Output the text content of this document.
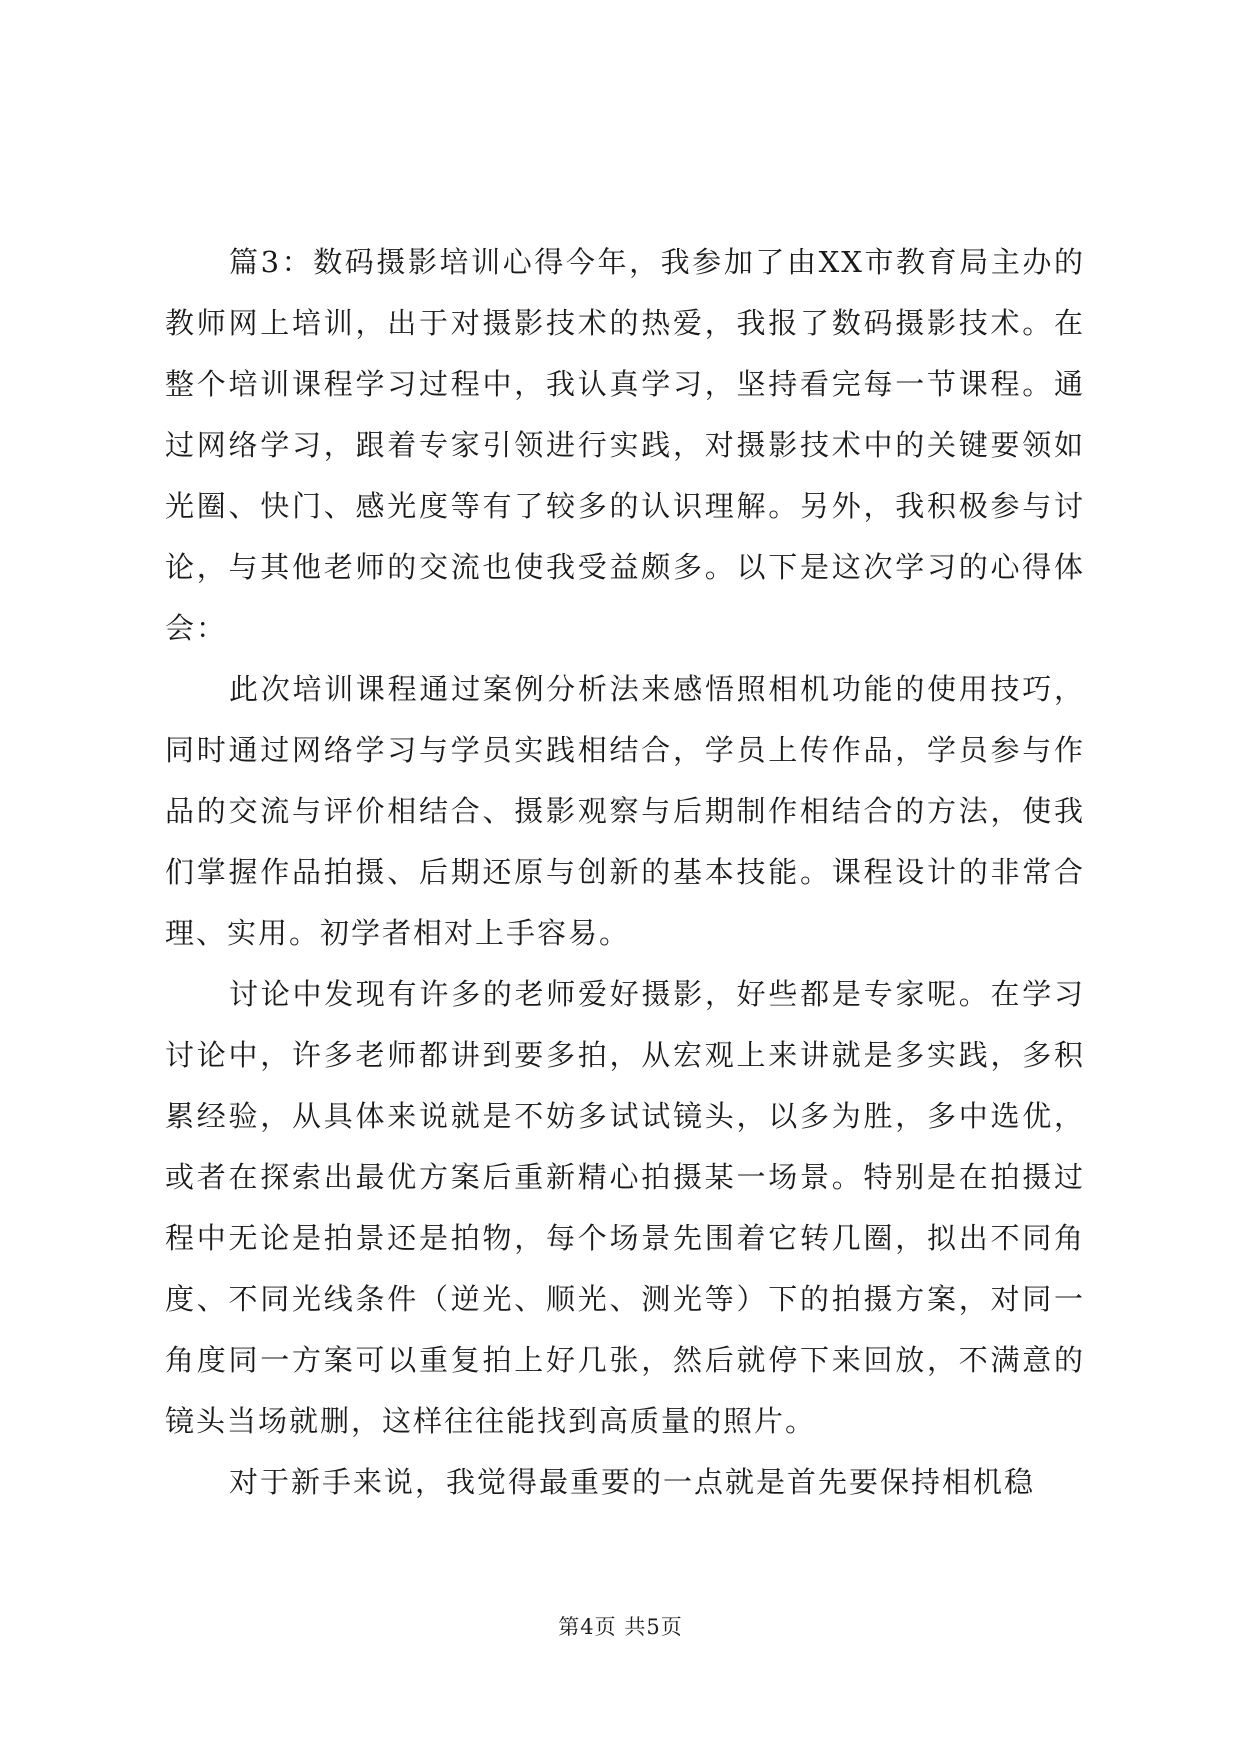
篇3：数码摄影培训心得今年，我参加了由XX市教育局主办的教师网上培训，出于对摄影技术的热爱，我报了数码摄影技术。在整个培训课程学习过程中，我认真学习，坚持看完每一节课程。通过网络学习，跟着专家引领进行实践，对摄影技术中的关键要领如光圈、快门、感光度等有了较多的认识理解。另外，我积极参与讨论，与其他老师的交流也使我受益颇多。以下是这次学习的心得体会：

此次培训课程通过案例分析法来感悟照相机功能的使用技巧，同时通过网络学习与学员实践相结合，学员上传作品，学员参与作品的交流与评价相结合、摄影观察与后期制作相结合的方法，使我们掌握作品拍摄、后期还原与创新的基本技能。课程设计的非常合理、实用。初学者相对上手容易。

讨论中发现有许多的老师爱好摄影，好些都是专家呢。在学习讨论中，许多老师都讲到要多拍，从宏观上来讲就是多实践，多积累经验，从具体来说就是不妨多试试镜头，以多为胜，多中选优，或者在探索出最优方案后重新精心拍摄某一场景。特别是在拍摄过程中无论是拍景还是拍物，每个场景先围着它转几圈，拟出不同角度、不同光线条件（逆光、顺光、测光等）下的拍摄方案，对同一角度同一方案可以重复拍上好几张，然后就停下来回放，不满意的镜头当场就删，这样往往能找到高质量的照片。

对于新手来说，我觉得最重要的一点就是首先要保持相机稳

第4页 共5页
